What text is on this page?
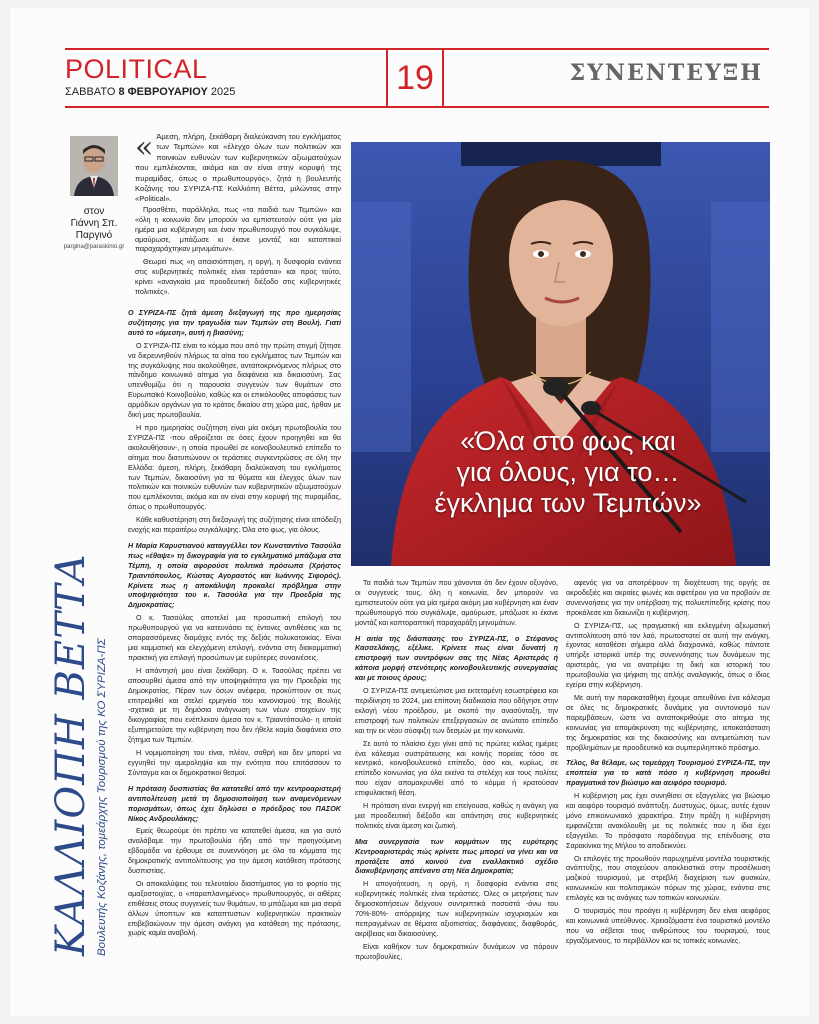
POLITICAL
ΣΑΒΒΑΤΟ 8 ΦΕΒΡΟΥΑΡΙΟΥ 2025	19	ΣΥΝΕΝΤΕΥΞΗ
στον
Γιάννη Σπ.
Παργινό
pargina@paraskinio.gr
« Άμεση, πλήρη, ξεκάθαρη διαλεύκανση του εγκλήματος των Τεμπών» και «έλεγχο όλων των πολιτικών και ποινικών ευθυνών των κυβερνητικών αξιωματούχων που εμπλέκονται, ακόμα και αν είναι στην κορυφή της πυραμίδας, όπως ο πρωθυπουργός», ζητά η βουλευτής Κοζάνης του ΣΥΡΙΖΑ-ΠΣ Καλλιόπη Βέττα, μιλώντας στην «Political».

Προσθέτει, παράλληλα, πως «τα παιδιά των Τεμπών» και «όλη η κοινωνία δεν μπορούν να εμπιστευτούν ούτε για μία ημέρα μια κυβέρνηση και έναν πρωθυπουργό που συγκάλυψε, αμαύρωσε, μπάζωσε κι έκανε μοντάζ και κατοπτικοί παραχαράχτηκαν μηνυμάτων».

Θεωρεί πως «η απαισιόπτηση, η οργή, η δυσφορία ενάντια στις κυβερνητικές πολιτικές είναι τεράστια» και προς τούτο, κρίνει «αναγκαία μια προοδευτική διέξοδο στις κυβερνητικές πολιτικές».

Ο ΣΥΡΙΖΑ-ΠΣ ζητά άμεση διεξαγωγή της προ ημερησίας συζήτησης για την τραγωδία των Τεμπών στη Βουλή. Γιατί αυτό το «άμεση», αυτή η βιασύνη;

Ο ΣΥΡΙΖΑ-ΠΣ είναι το κόμμα που από την πρώτη στιγμή ζήτησε να διερευνηθούν πλήρως τα αίτια του εγκλήματος των Τεμπών και της συγκάλυψης που ακολούθησε, ανταποκρινόμενος πλήρως στο πάνδημο κοινωνικό αίτημα για διαφάνεια και δικαιοσύνη. Σας υπενθυμίζω ότι η παρουσία συγγενών των θυμάτων στο Ευρωπαϊκό Κοινοβούλιο, καθώς και οι επικόλουθες αποφάσεις των αρμόδιων οργάνων για το κράτος δικαίου στη χώρα μας, ήρθαν με δική μας πρωτοβουλία.

Η προ ημερησίας συζήτηση είναι μία ακόμη πρωτοβουλία του ΣΥΡΙΖΑ-ΠΣ -που αθροίζεται σε όσες έχουν προηγηθεί και θα ακολουθήσουν-, η οποία προωθεί σε κοινοβουλευτικό επίπεδο το αίτημα που διατυπώνουν οι τεράστιες συγκεντρώσεις σε όλη την Ελλάδα: άμεση, πλήρη, ξεκάθαρη διαλεύκανση του εγκλήματος των Τεμπών, δικαιοσύνη για τα θύματα και έλεγχος όλων των πολιτικών και ποινικών ευθυνών των κυβερνητικών αξιωματούχων που εμπλέκονται, ακόμα και αν είναι στην κορυφή της πυραμίδας, όπως ο πρωθυπουργός.

Κάθε καθυστέρηση στη διεξαγωγή της συζήτησης είναι απόδειξη ενοχής και περαιτέρω συγκάλυψης. Όλα στο φως, για όλους.

Η Μαρία Καρυστιανού καταγγέλλει τον Κωνσταντίνο Τασούλα πως «έθαψε» τη δικογραφία για το εγκληματικό μπάζωμα στα Τέμπη, η οποία αφορούσε πολιτικά πρόσωπα (Χρήστος Τριαντόπουλος, Κώστας Αγοραστός και Ιωάννης Σιφορός). Κρίνετε πως η αποκάλυψη προκαλεί πρόβλημα στην υποψηφιότητα του κ. Τασούλα για την Προεδρία της Δημοκρατίας;

Ο κ. Τασούλας αποτελεί μια προσωπική επιλογή του πρωθυπουργού για να κατευνάσει τις έντονες αντιθέσεις και τις σπαρασσόμενες διαμάχες εντός της δεξιάς πολυκατοικίας. Είναι μια καμματική και ελεγχόμενη επιλογή, ενάντια στη διακομματική πρακτική για επιλογή προσώπων με ευρύτερες συναινέσεις.

Η απάντησή μου είναι ξεκάθαρη. Ο κ. Τασούλας πρέπει να αποσυρθεί άμεσα από την υποψηφιότητα για την Προεδρία της Δημοκρατίας. Πέραν των όσων ανέφερα, προκύπτουν σε πως επιτρεψιθεί και στελεί ερμηνεία του κανονισμού της Βουλής -σχετικά με τη δημόσια ανάγνωση των νέων στοιχείων της δικογραφίας που ενέπλεκαν άμεσα τον κ. Τριαντόπουλο- η οποία εξυπηρετούσε την κυβέρνηση που δεν ήθελε καμία διαφάνεια στο ζήτημα των Τεμπών.

Η νομιμοποίηση του είναι, πλέον, σαθρή και δεν μπορεί να εγγυηθεί την αμεροληψία και την ενότητα που επιτάσσουν το Σύνταγμα και οι δημοκρατικοί θεσμοί.

Η πρόταση δυσπιστίας θα κατατεθεί από την κεντροαριστερή αντιπολίτευση μετά τη δημοσιοποίηση των αναμενόμενων πορισμάτων, όπως έχει δηλώσει ο πρόεδρος του ΠΑΣΟΚ Νίκος Ανδρουλάκης;

Εμείς θεωρούμε ότι πρέπει να κατατεθεί άμεσα, και για αυτό αναλάβαμε την πρωτοβουλία ήδη από την προηγούμενη εβδομάδα να έρθουμε σε συνεννόηση με όλα τα κόμματα της δημοκρατικής αντιπολίτευσης για την άμεση κατάθεση πρότασης δυσπιστίας.

Οι αποκαλύψεις του τελευταίου διαστήματος για το φορτίο της αμαξοστοιχίας, ο «παραπλανημένος» πρωθυπουργός, οι αιθέρες επιθέσεις στους συγγενείς των θυμάτων, το μπάζωμα και μια σειρά άλλων ύποπτων και καταπτυστων κυβερνητικών πρακτικών επιβεβαιώνουν την άμεση ανάγκη για κατάθεση της πρότασης, χωρίς καμία αναβολή.

ΚΑΛΛΙΟΠΗ ΒΕΤΤΑ Βουλευτής Κοζάνης, τομεάρχης Τουρισμού της ΚΟ ΣΥΡΙΖΑ-ΠΣ
«Όλα στο φως και
για όλους, για το…
έγκλημα των Τεμπών»

Τα παιδιά των Τεμπών που χάνονται ότι δεν έχουν οξυγόνο, οι συγγενείς τους, όλη η κοινωνία, δεν μπορούν να εμπιστευτούν ούτε για μία ημέρα ακόμη μια κυβέρνηση και έναν πρωθυπουργό που συγκάλυψε, αμαύρωσε, μπάζωσε κι έκανε μοντάζ και κοπτοραπτική παραχαράξη μηνυμάτων.

Η αιτία της διάσπασης του ΣΥΡΙΖΑ-ΠΣ, ο Στέφανος Κασσελάκης, εξέλικε. Κρίνετε πως είναι δυνατή η επιστροφή των συντρόφων σας της Νέας Αριστεράς ή κάποια μορφή στενότερης κοινοβουλευτικής συνεργασίας και με ποιους όρους;

Ο ΣΥΡΙΖΑ-ΠΣ αντιμετώπισε μια εκτεταμένη εσωστρέφεια και περιδίνηση το 2024, μια επίπονη διαδικασία που οδήγησε στην εκλογή νέου προέδρου, με σκοπό την ανασύνταξη, την επιστροφή των πολιτικών επεξεργασιών σε ανώτατο επίπεδο και την εκ νέου σύσφιξη των δεσμών με την κοινωνία.

Σε αυτό το πλαίσιο έχει γίνει από τις πρώτες κιόλας ημέρες ένα κάλεσμα συστράτευσης και κοινής πορείας τόσο σε κεντρικό, κοινοβουλευτικό επίπεδο, όσο και, κυρίως, σε επίπεδο κοινωνίας για όλα εκείνα τα στελέχη και τους πολίτες που είχαν απομακρυνθεί από το κόμμα ή κρατούσαν επιφυλακτική θέση.

Η πρόταση είναι ενεργή και επείγουσα, καθώς η ανάγκη για μια προοδευτική διέξοδο και απάντηση στις κυβερνητικές πολιτικές είναι άμεση και ζωτική.

Μια συνεργασία των κομμάτων της ευρύτερης Κεντροαριστεράς πώς κρίνετε πως μπορεί να γίνει και να προτάξετε από κοινού ένα εναλλακτικό σχέδιο διακυβέρνησης απέναντι στη Νέα Δημοκρατία;

Η απογοήτευση, η οργή, η δυσφορία ενάντια στις κυβερνητικές πολιτικές είναι τεράστιες. Όλες οι μετρήσεις των δημοσκοπήσεων δείχνουν συντριπτικά ποσοστά -άνω του 70%-80%- απόρριψης των κυβερνητικών ισχυρισμών και πεπραγμένων σε θέματα αξιοπιστίας, διαφάνειας, διαφθοράς, ακρίβειας και δικαιοσύνης.

Είναι καθήκον των δημοκρατικών δυνάμεων να πάρουν πρωτοβουλίες,

αφενός για να αποτρέψουν τη διοχέτευση της οργής σε ακροδεξιές και ακραίες φωνές και αφετέρου για να προβούν σε συνεννοήσεις για την υπέρβαση της πολυεπίπεδης κρίσης που προκάλεσε και διαιωνίζει η κυβέρνηση.

Ο ΣΥΡΙΖΑ-ΠΣ, ως πραγματική και εκλεγμένη αξιωματική αντιπολίτευση από τον λαό, πρωτοστατεί σε αυτή την ανάγκη, έχοντας καταθέσει σήμερα αλλά διαχρονικά, καθώς πάντοτε υπήρξε ιστορικά υπέρ της συνεννόησης των δυνάμεων της αριστεράς, για να ανατρέψει τη δική και ιστορική του πρωτοβουλία για ψήφιση της απλής αναλογικής, όπως ο ίδιος εγείρει στην κυβέρνηση.

Με αυτή την παρακαταθήκη έχουμε απευθύνει ένα κάλεσμα σε όλες τις δημοκρατικές δυνάμεις για συντονισμό των παρεμβάσεων, ώστε να ανταποκριθούμε στο αίτημα της κοινωνίας για απομάκρυνση της κυβέρνησης, αποκατάσταση της δημοκρατίας και της δικαιοσύνης και αντιμετώπιση των προβλημάτων με προοδευτικό και συμπεριληπτικό πρόσημο.

Τέλος, θα θέλαμε, ως τομεάρχη Τουρισμού ΣΥΡΙΖΑ-ΠΣ, την εποπτεία για το κατά πόσο η κυβέρνηση προωθεί πραγματικά τον βιώσιμο και αειφόρο τουρισμό.

Η κυβέρνηση μας έχει συνηθίσει σε εξαγγελίες για βιώσιμο και αειφόρο τουρισμό ανάπτυξη. Δυστυχώς, όμως, αυτές έχουν μόνο επικοινωνιακό χαρακτήρα. Στην πράξη η κυβέρνηση εμφανίζεται ανακόλουθη με τις πολιτικές που η ίδια έχει εξαγγείλει. Το πρόσφατο παράδειγμα της επένδυσης στα Σαρακίνικα της Μήλου το αποδεικνύει.

Οι επιλογές της προωθούν παρωχημένα μοντέλα τουριστικής ανάπτυξης, που στοχεύουν αποκλειστικά στην προσέλκυση μαζικού τουρισμού, με στρεβλή διαχείριση των φυσικών, κοινωνικών και πολιτισμικών πόρων της χώρας, ενάντια στις επιλογές και τις ανάγκες των τοπικών κοινωνιών.

Ο τουρισμός που προάγει η κυβέρνηση δεν είναι αειφόρος και κοινωνικά υπεύθυνος. Χρειαζόμαστε ένα τουριστικό μοντέλο που να σέβεται τους ανθρώπους του τουρισμού, τους εργαζόμενους, το περιβάλλον και τις τοπικές κοινωνίες.
